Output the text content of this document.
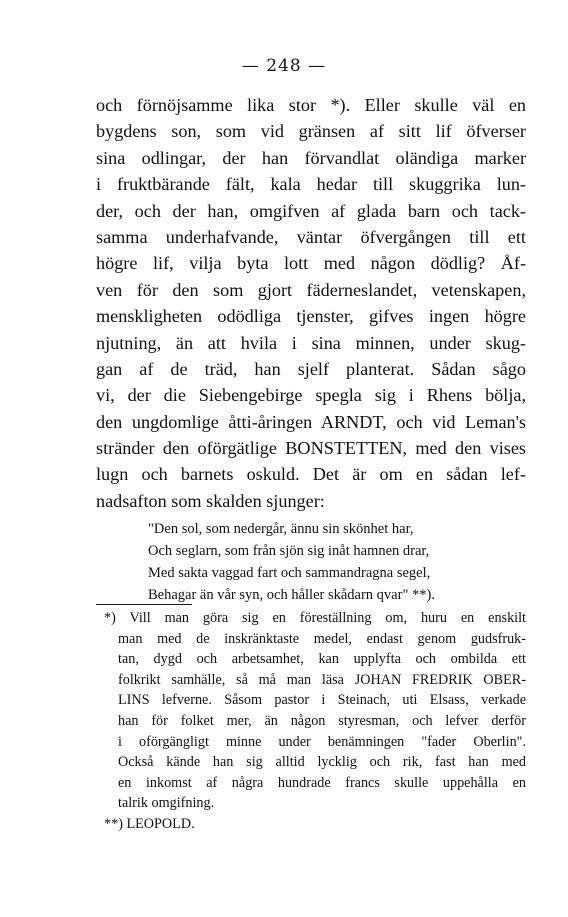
— 248 —
och förnöjsamme lika stor *). Eller skulle väl en
bygdens son, som vid gränsen af sitt lif öfverser
sina odlingar, der han förvandlat oländiga marker
i fruktbärande fält, kala hedar till skuggrika lun-
der, och der han, omgifven af glada barn och tack-
samma underhafvande, väntar öfvergången till ett
högre lif, vilja byta lott med någon dödlig? Åf-
ven för den som gjort fäderneslandet, vetenskapen,
menskligheten odödliga tjenster, gifves ingen högre
njutning, än att hvila i sina minnen, under skug-
gan af de träd, han sjelf planterat. Sådan sågo
vi, der die Siebengebirge spegla sig i Rhens bölja,
den ungdomlige åtti-åringen ARNDT, och vid Leman's
stränder den oförgätlige BONSTETTEN, med den vises
lugn och barnets oskuld. Det är om en sådan lef-
nadsafton som skalden sjunger:
"Den sol, som nedergår, ännu sin skönhet har,
Och seglarn, som från sjön sig inåt hamnen drar,
Med sakta vaggad fart och sammandragna segel,
Behagar än vår syn, och håller skådarn qvar" **).
*) Vill man göra sig en föreställning om, huru en enskilt
man med de inskränktaste medel, endast genom gudsfruk-
tan, dygd och arbetsamhet, kan upplyfta och ombilda ett
folkrikt samhälle, så må man läsa JOHAN FREDRIK OBER-
LINS lefverne. Såsom pastor i Steinach, uti Elsass, verkade
han för folket mer, än någon styresman, och lefver derför
i oförgängligt minne under benämningen "fader Oberlin".
Också kände han sig alltid lycklig och rik, fast han med
en inkomst af några hundrade francs skulle uppehålla en
talrik omgifning.
**) LEOPOLD.
